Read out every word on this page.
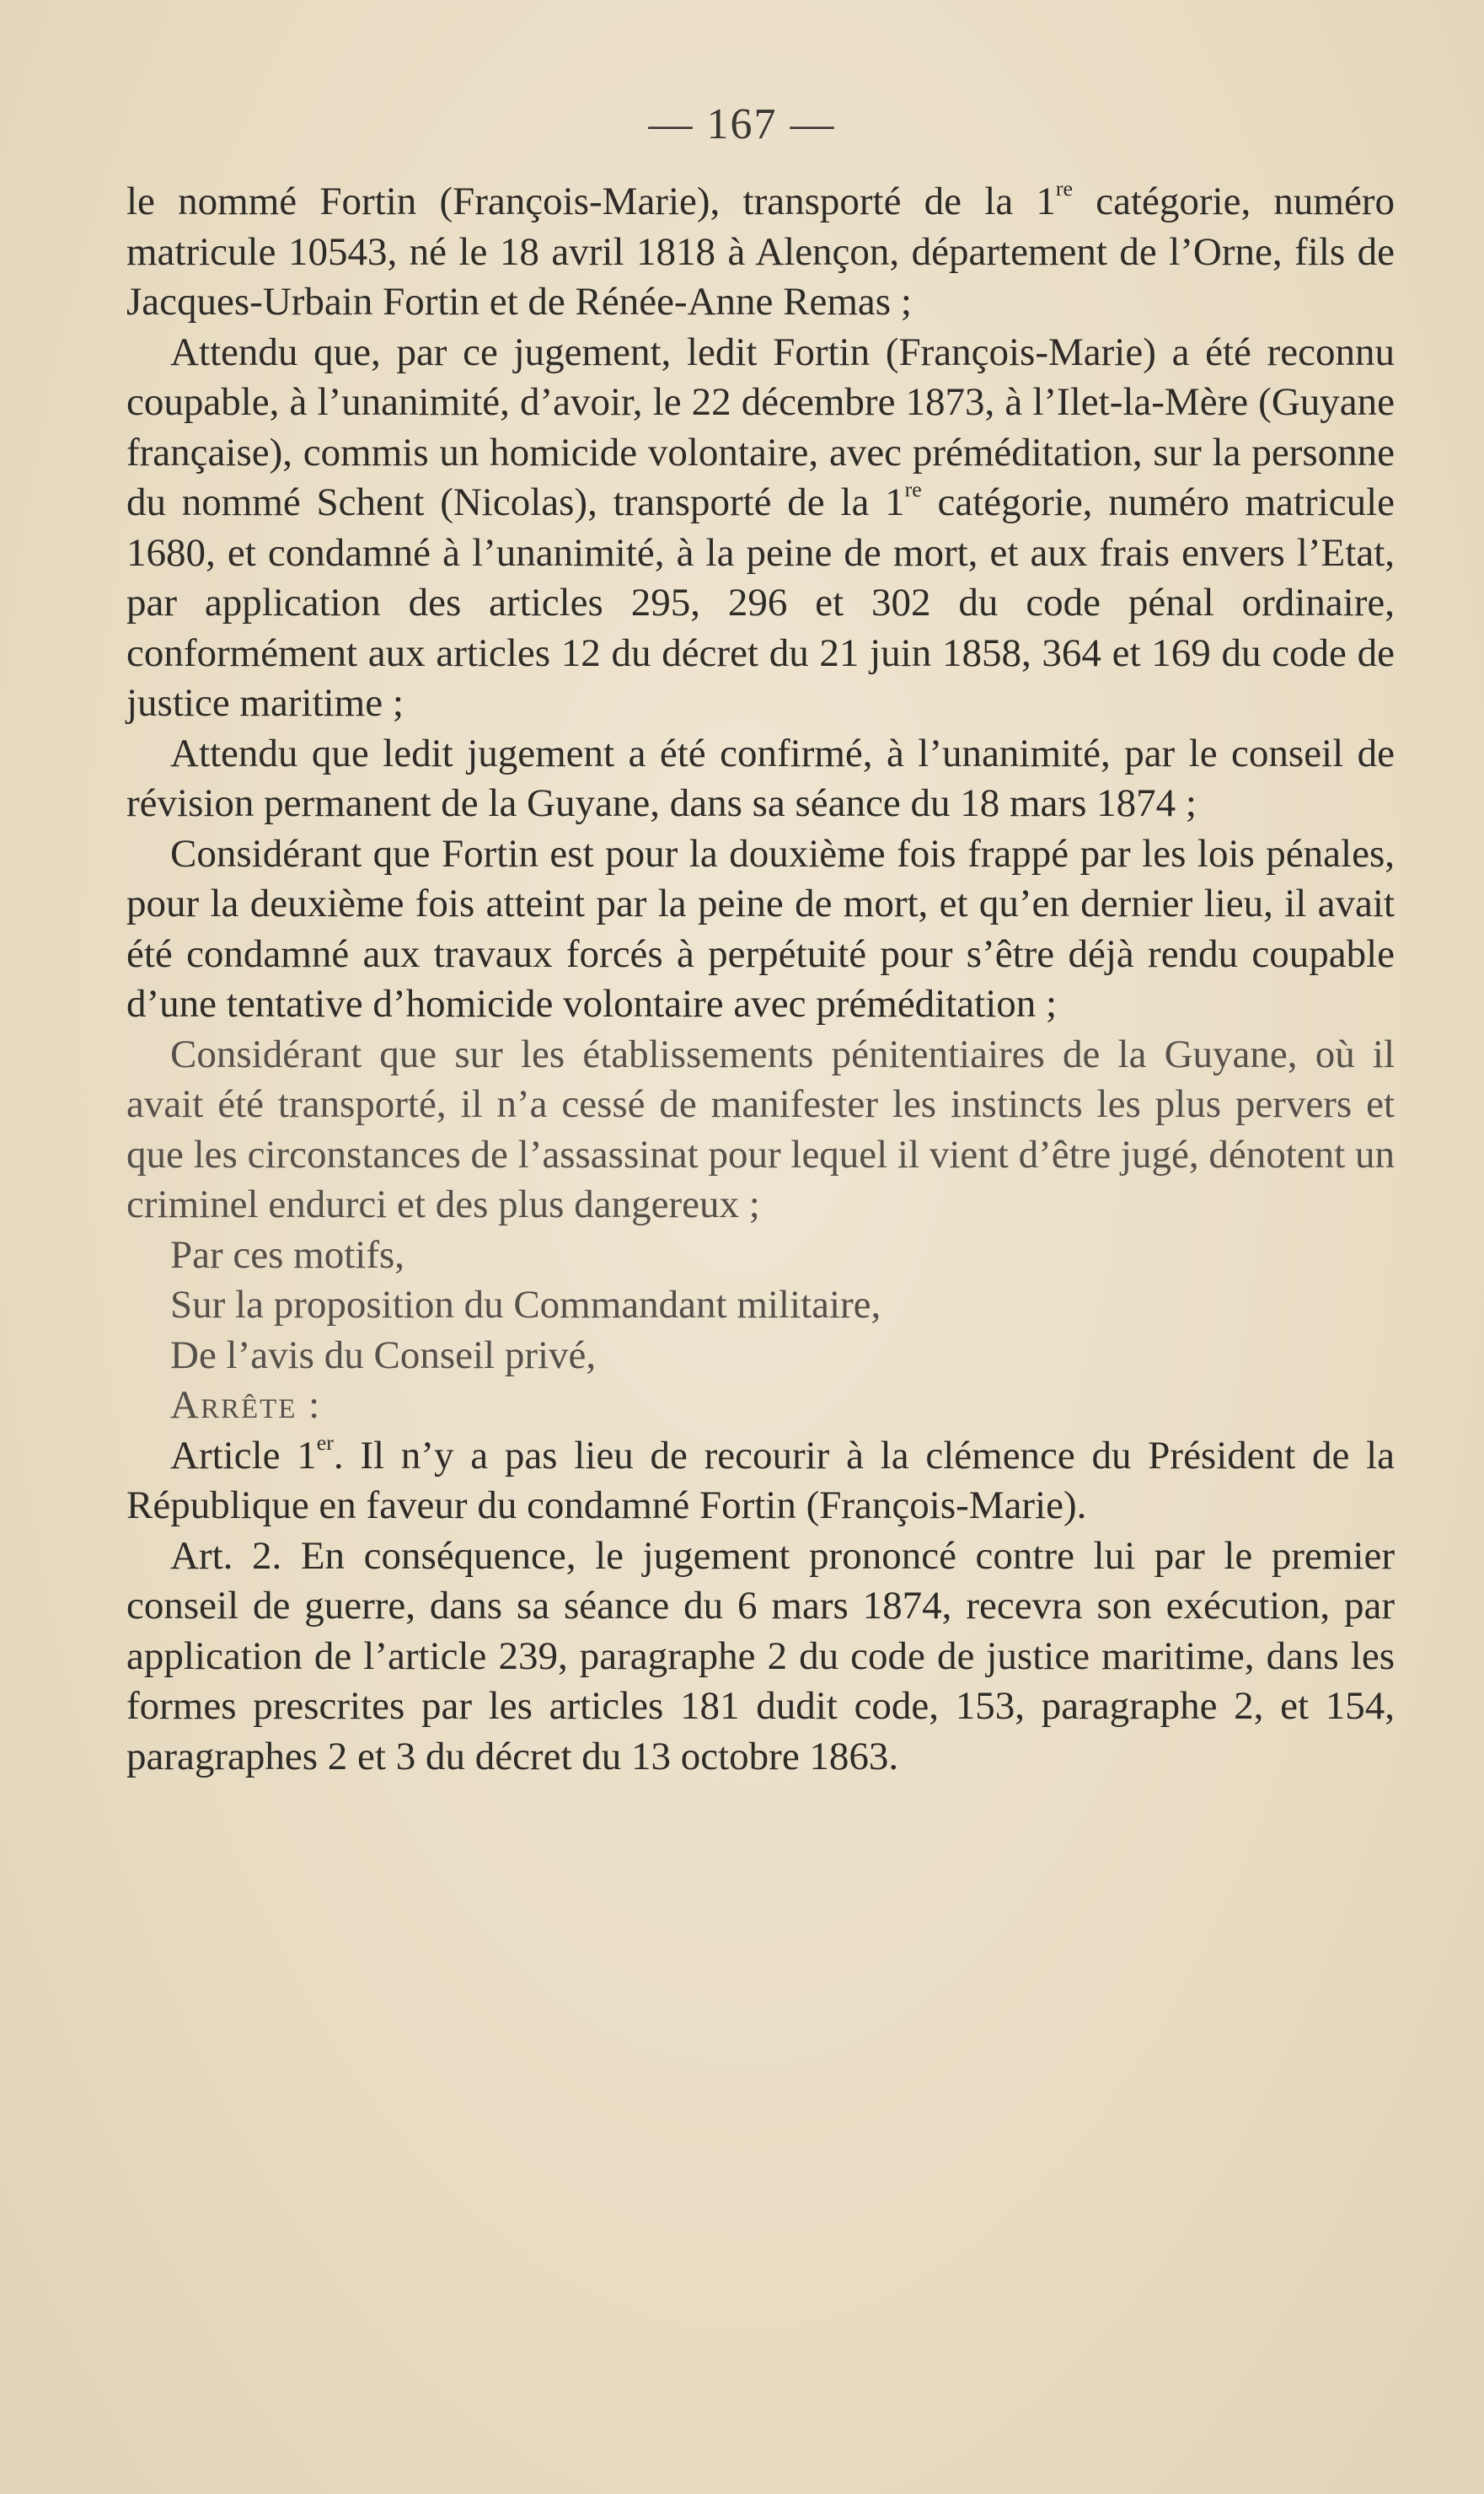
— 167 —

le nommé Fortin (François-Marie), transporté de la 1re catégorie, numéro matricule 10543, né le 18 avril 1818 à Alençon, département de l’Orne, fils de Jacques-Urbain Fortin et de Rénée-Anne Remas ;

Attendu que, par ce jugement, ledit Fortin (François-Marie) a été reconnu coupable, à l’unanimité, d’avoir, le 22 décembre 1873, à l’Ilet-la-Mère (Guyane française), commis un homicide volontaire, avec préméditation, sur la personne du nommé Schent (Nicolas), transporté de la 1re catégorie, numéro matricule 1680, et condamné à l’unanimité, à la peine de mort, et aux frais envers l’Etat, par application des articles 295, 296 et 302 du code pénal ordinaire, conformément aux articles 12 du décret du 21 juin 1858, 364 et 169 du code de justice maritime ;

Attendu que ledit jugement a été confirmé, à l’unanimité, par le conseil de révision permanent de la Guyane, dans sa séance du 18 mars 1874 ;

Considérant que Fortin est pour la douxième fois frappé par les lois pénales, pour la deuxième fois atteint par la peine de mort, et qu’en dernier lieu, il avait été condamné aux travaux forcés à perpétuité pour s’être déjà rendu coupable d’une tentative d’homicide volontaire avec préméditation ;

Considérant que sur les établissements pénitentiaires de la Guyane, où il avait été transporté, il n’a cessé de manifester les instincts les plus pervers et que les circonstances de l’assassinat pour lequel il vient d’être jugé, dénotent un criminel endurci et des plus dangereux ;

Par ces motifs,

Sur la proposition du Commandant militaire,

De l’avis du Conseil privé,

Arrête :

Article 1er. Il n’y a pas lieu de recourir à la clémence du Président de la République en faveur du condamné Fortin (François-Marie).

Art. 2. En conséquence, le jugement prononcé contre lui par le premier conseil de guerre, dans sa séance du 6 mars 1874, recevra son exécution, par application de l’article 239, paragraphe 2 du code de justice maritime, dans les formes prescrites par les articles 181 dudit code, 153, paragraphe 2, et 154, paragraphes 2 et 3 du décret du 13 octobre 1863.
